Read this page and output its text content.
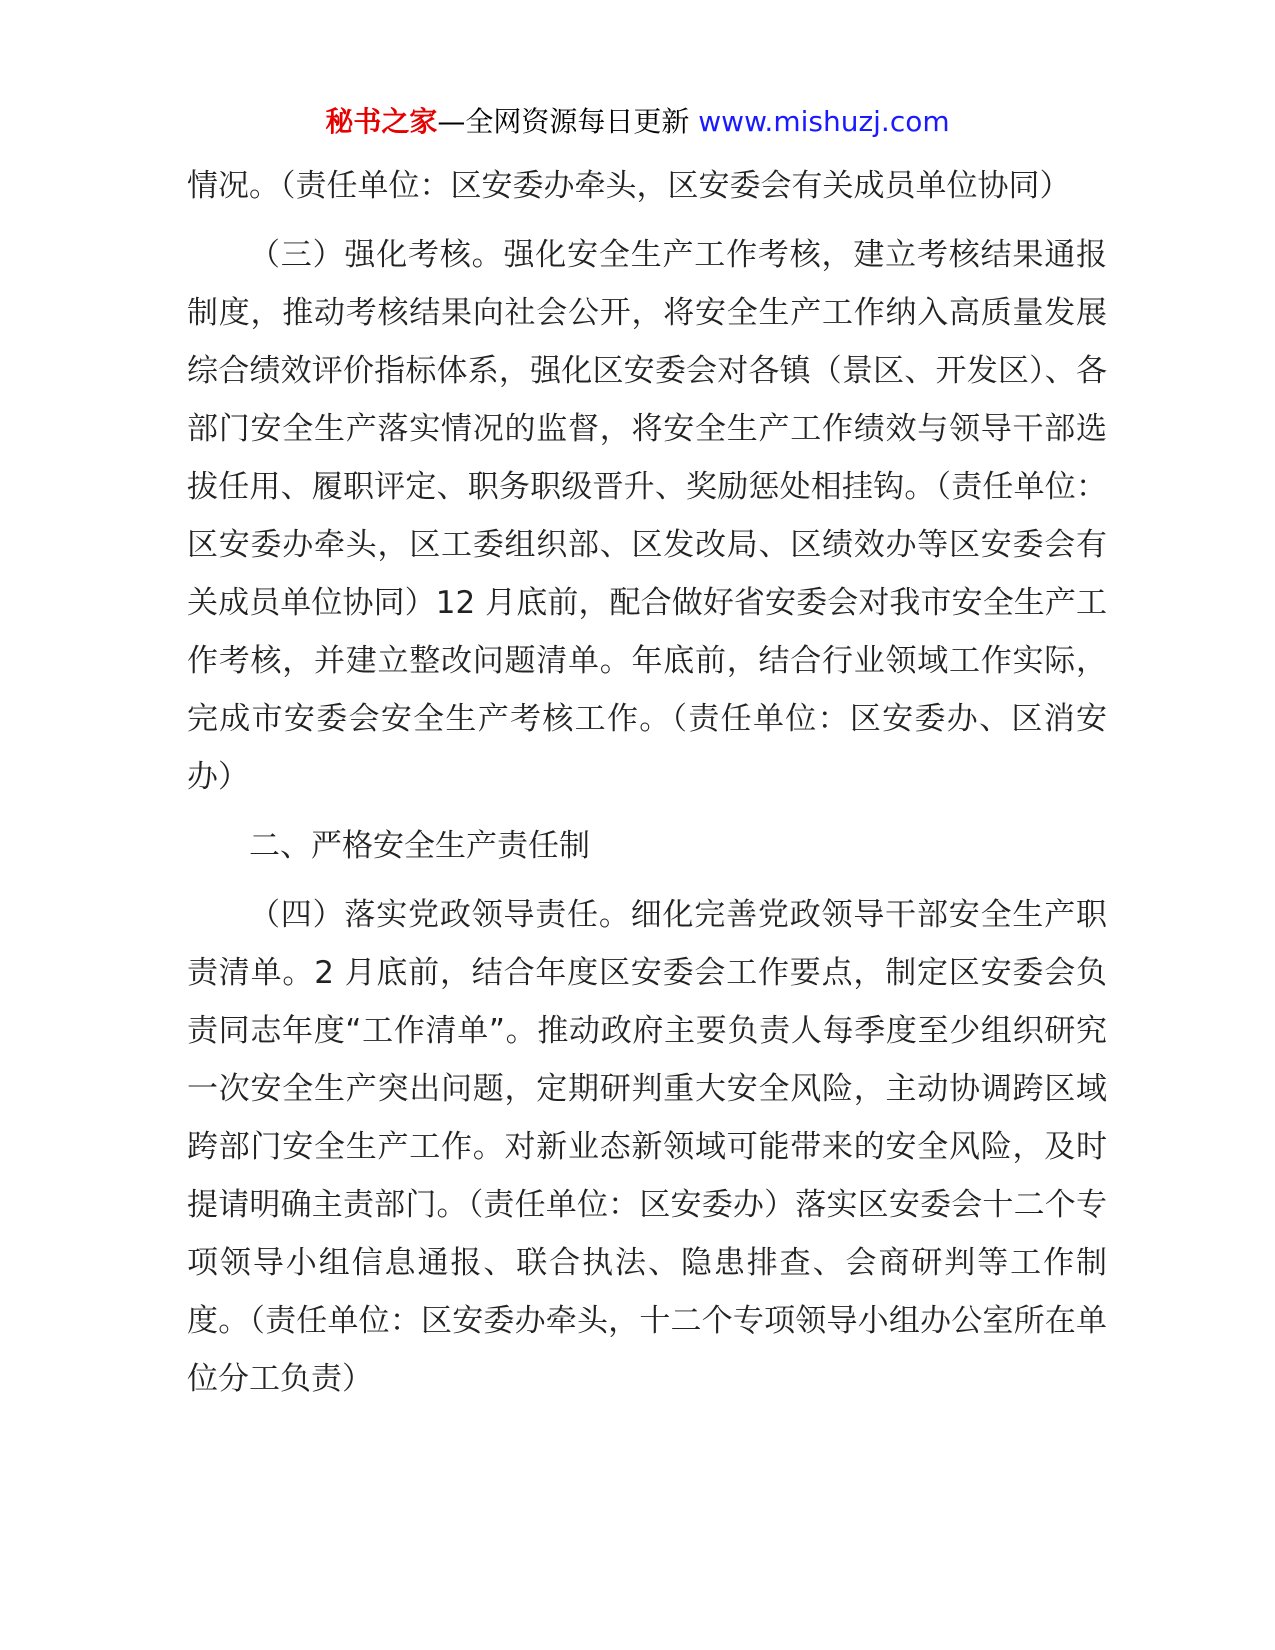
秘书之家—全网资源每日更新 www.mishuzj.com

情况。（责任单位：区安委办牵头，区安委会有关成员单位协同）

（三）强化考核。强化安全生产工作考核，建立考核结果通报制度，推动考核结果向社会公开，将安全生产工作纳入高质量发展综合绩效评价指标体系，强化区安委会对各镇（景区、开发区）、各部门安全生产落实情况的监督，将安全生产工作绩效与领导干部选拔任用、履职评定、职务职级晋升、奖励惩处相挂钩。（责任单位：区安委办牵头，区工委组织部、区发改局、区绩效办等区安委会有关成员单位协同）12 月底前，配合做好省安委会对我市安全生产工作考核，并建立整改问题清单。年底前，结合行业领域工作实际，完成市安委会安全生产考核工作。（责任单位：区安委办、区消安办）

二、严格安全生产责任制

（四）落实党政领导责任。细化完善党政领导干部安全生产职责清单。2 月底前，结合年度区安委会工作要点，制定区安委会负责同志年度“工作清单”。推动政府主要负责人每季度至少组织研究一次安全生产突出问题，定期研判重大安全风险，主动协调跨区域跨部门安全生产工作。对新业态新领域可能带来的安全风险，及时提请明确主责部门。（责任单位：区安委办）落实区安委会十二个专项领导小组信息通报、联合执法、隐患排查、会商研判等工作制度。（责任单位：区安委办牵头，十二个专项领导小组办公室所在单位分工负责）
